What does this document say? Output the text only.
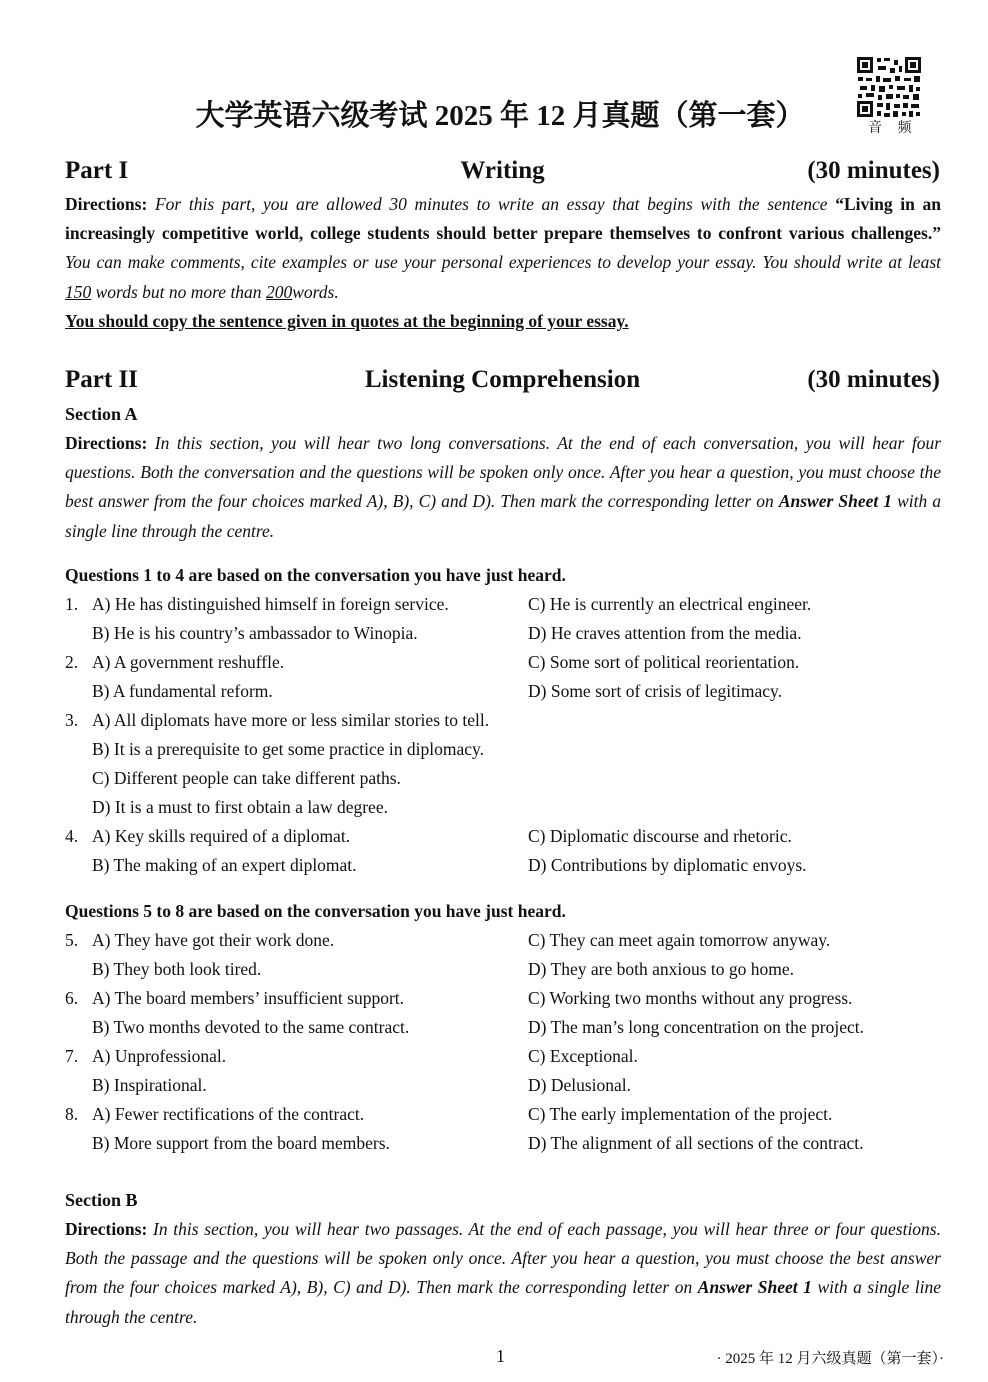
音 频
大学英语六级考试 2025 年 12 月真题（第一套）
Part I	Writing	(30 minutes)
Directions: For this part, you are allowed 30 minutes to write an essay that begins with the sentence “Living in an increasingly competitive world, college students should better prepare themselves to confront various challenges.” You can make comments, cite examples or use your personal experiences to develop your essay. You should write at least 150 words but no more than 200words.
You should copy the sentence given in quotes at the beginning of your essay.
Part II	Listening Comprehension	(30 minutes)
Section A
Directions: In this section, you will hear two long conversations. At the end of each conversation, you will hear four questions. Both the conversation and the questions will be spoken only once. After you hear a question, you must choose the best answer from the four choices marked A), B), C) and D). Then mark the corresponding letter on Answer Sheet 1 with a single line through the centre.
Questions 1 to 4 are based on the conversation you have just heard.
1. A) He has distinguished himself in foreign service.	C) He is currently an electrical engineer.
B) He is his country’s ambassador to Winopia.	D) He craves attention from the media.
2. A) A government reshuffle.	C) Some sort of political reorientation.
B) A fundamental reform.	D) Some sort of crisis of legitimacy.
3. A) All diplomats have more or less similar stories to tell.
B) It is a prerequisite to get some practice in diplomacy.
C) Different people can take different paths.
D) It is a must to first obtain a law degree.
4. A) Key skills required of a diplomat.	C) Diplomatic discourse and rhetoric.
B) The making of an expert diplomat.	D) Contributions by diplomatic envoys.
Questions 5 to 8 are based on the conversation you have just heard.
5. A) They have got their work done.	C) They can meet again tomorrow anyway.
B) They both look tired.	D) They are both anxious to go home.
6. A) The board members’ insufficient support.	C) Working two months without any progress.
B) Two months devoted to the same contract.	D) The man’s long concentration on the project.
7. A) Unprofessional.	C) Exceptional.
B) Inspirational.	D) Delusional.
8. A) Fewer rectifications of the contract.	C) The early implementation of the project.
B) More support from the board members.	D) The alignment of all sections of the contract.
Section B
Directions: In this section, you will hear two passages. At the end of each passage, you will hear three or four questions. Both the passage and the questions will be spoken only once. After you hear a question, you must choose the best answer from the four choices marked A), B), C) and D). Then mark the corresponding letter on Answer Sheet 1 with a single line through the centre.
1	· 2025 年 12 月六级真题（第一套）·
